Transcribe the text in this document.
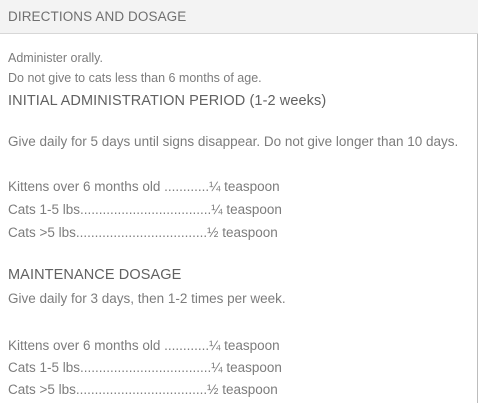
DIRECTIONS AND DOSAGE
Administer orally.
Do not give to cats less than 6 months of age.
INITIAL ADMINISTRATION PERIOD (1-2 weeks)
Give daily for 5 days until signs disappear. Do not give longer than 10 days.
Kittens over 6 months old ............¼ teaspoon
Cats 1-5 lbs...................................¼ teaspoon
Cats >5 lbs...................................½ teaspoon
MAINTENANCE DOSAGE
Give daily for 3 days, then 1-2 times per week.
Kittens over 6 months old ............¼ teaspoon
Cats 1-5 lbs...................................¼ teaspoon
Cats >5 lbs...................................½ teaspoon
